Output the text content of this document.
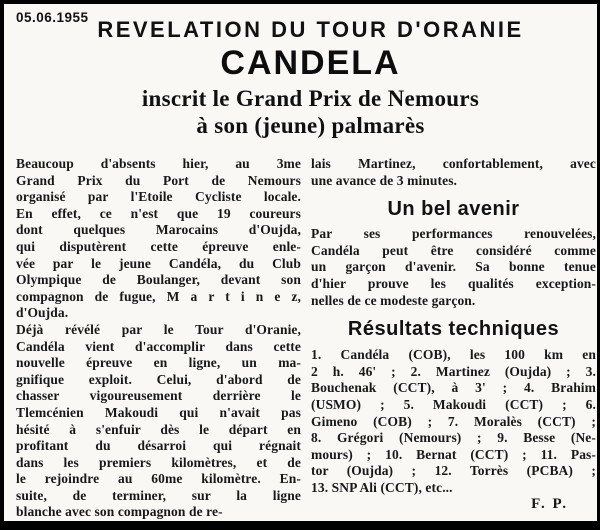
05.06.1955 REVELATION DU TOUR D'ORANIE
CANDELA
inscrit le Grand Prix de Nemours
à son (jeune) palmarès
Beaucoup d'absents hier, au 3me
Grand Prix du Port de Nemours
organisé par l'Etoile Cycliste locale.
En effet, ce n'est que 19 coureurs
dont quelques Marocains d'Oujda,
qui disputèrent cette épreuve enle-
vée par le jeune Candéla, du Club
Olympique de Boulanger, devant son
compagnon de fugue, M a r t i n e z,
d'Oujda.
Déjà révélé par le Tour d'Oranie,
Candéla vient d'accomplir dans cette
nouvelle épreuve en ligne, un ma-
gnifique exploit. Celui, d'abord de
chasser vigoureusement derrière le
Tlemcénien Makoudi qui n'avait pas
hésité à s'enfuir dès le départ en
profitant du désarroi qui régnait
dans les premiers kilomètres, et de
le rejoindre au 60me kilomètre. En-
suite, de terminer, sur la ligne
blanche avec son compagnon de re-
lais Martinez, confortablement, avec
une avance de 3 minutes.
Un bel avenir
Par ses performances renouvelées,
Candéla peut être considéré comme
un garçon d'avenir. Sa bonne tenue
d'hier prouve les qualités exception-
nelles de ce modeste garçon.
Résultats techniques
1. Candéla (COB), les 100 km en
2 h. 46' ; 2. Martinez (Oujda) ; 3.
Bouchenak (CCT), à 3' ; 4. Brahim
(USMO) ; 5. Makoudi (CCT) ; 6.
Gimeno (COB) ; 7. Moralès (CCT) ;
8. Grégori (Nemours) ; 9. Besse (Ne-
mours) ; 10. Bernat (CCT) ; 11. Pas-
tor (Oujda) ; 12. Torrès (PCBA) ;
13. SNP Ali (CCT), etc...
F. P.
